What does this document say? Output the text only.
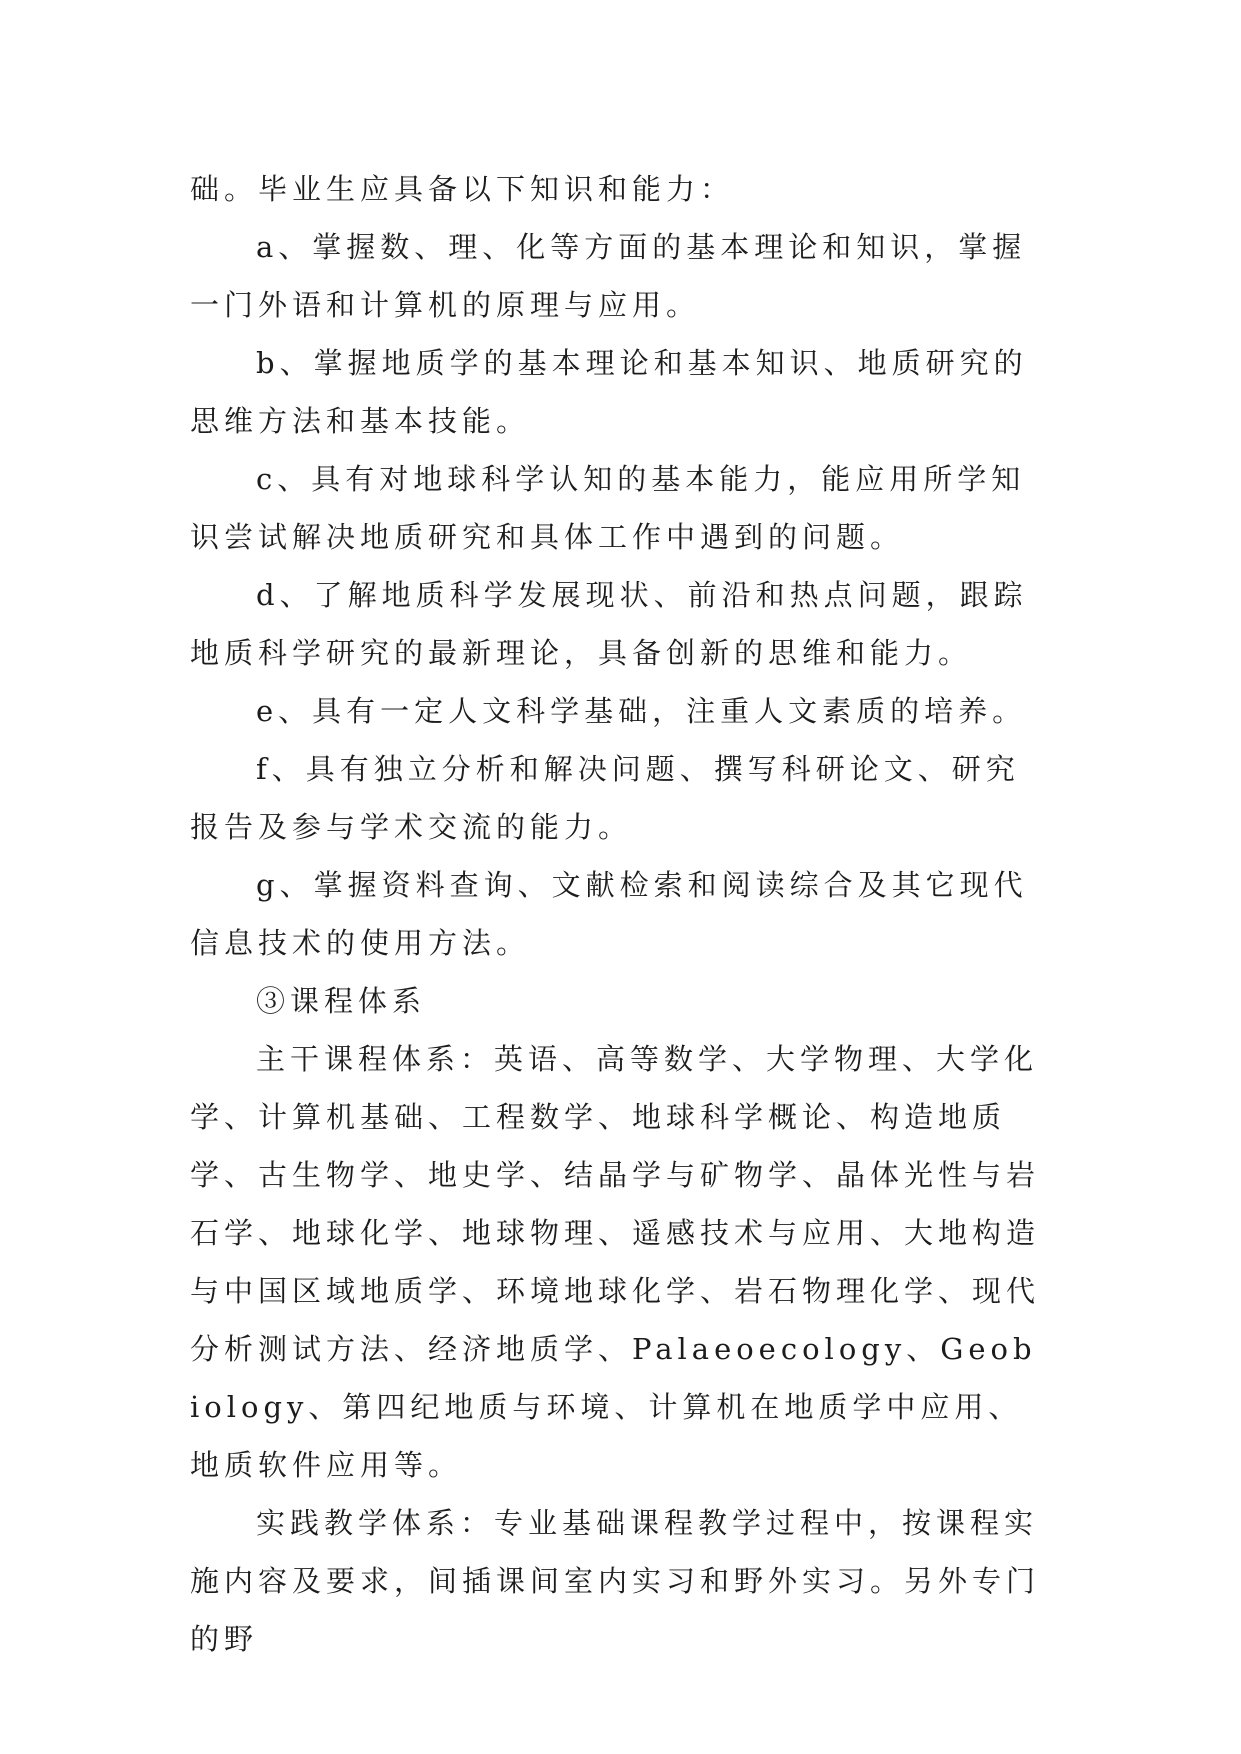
础。毕业生应具备以下知识和能力：

a、掌握数、理、化等方面的基本理论和知识，掌握一门外语和计算机的原理与应用。

b、掌握地质学的基本理论和基本知识、地质研究的思维方法和基本技能。

c、具有对地球科学认知的基本能力，能应用所学知识尝试解决地质研究和具体工作中遇到的问题。

d、了解地质科学发展现状、前沿和热点问题，跟踪地质科学研究的最新理论，具备创新的思维和能力。

e、具有一定人文科学基础，注重人文素质的培养。

f、具有独立分析和解决问题、撰写科研论文、研究报告及参与学术交流的能力。

g、掌握资料查询、文献检索和阅读综合及其它现代信息技术的使用方法。

③课程体系

主干课程体系：英语、高等数学、大学物理、大学化学、计算机基础、工程数学、地球科学概论、构造地质学、古生物学、地史学、结晶学与矿物学、晶体光性与岩石学、地球化学、地球物理、遥感技术与应用、大地构造与中国区域地质学、环境地球化学、岩石物理化学、现代分析测试方法、经济地质学、Palaeoecology、Geobiology、第四纪地质与环境、计算机在地质学中应用、地质软件应用等。

实践教学体系：专业基础课程教学过程中，按课程实施内容及要求，间插课间室内实习和野外实习。另外专门的野
